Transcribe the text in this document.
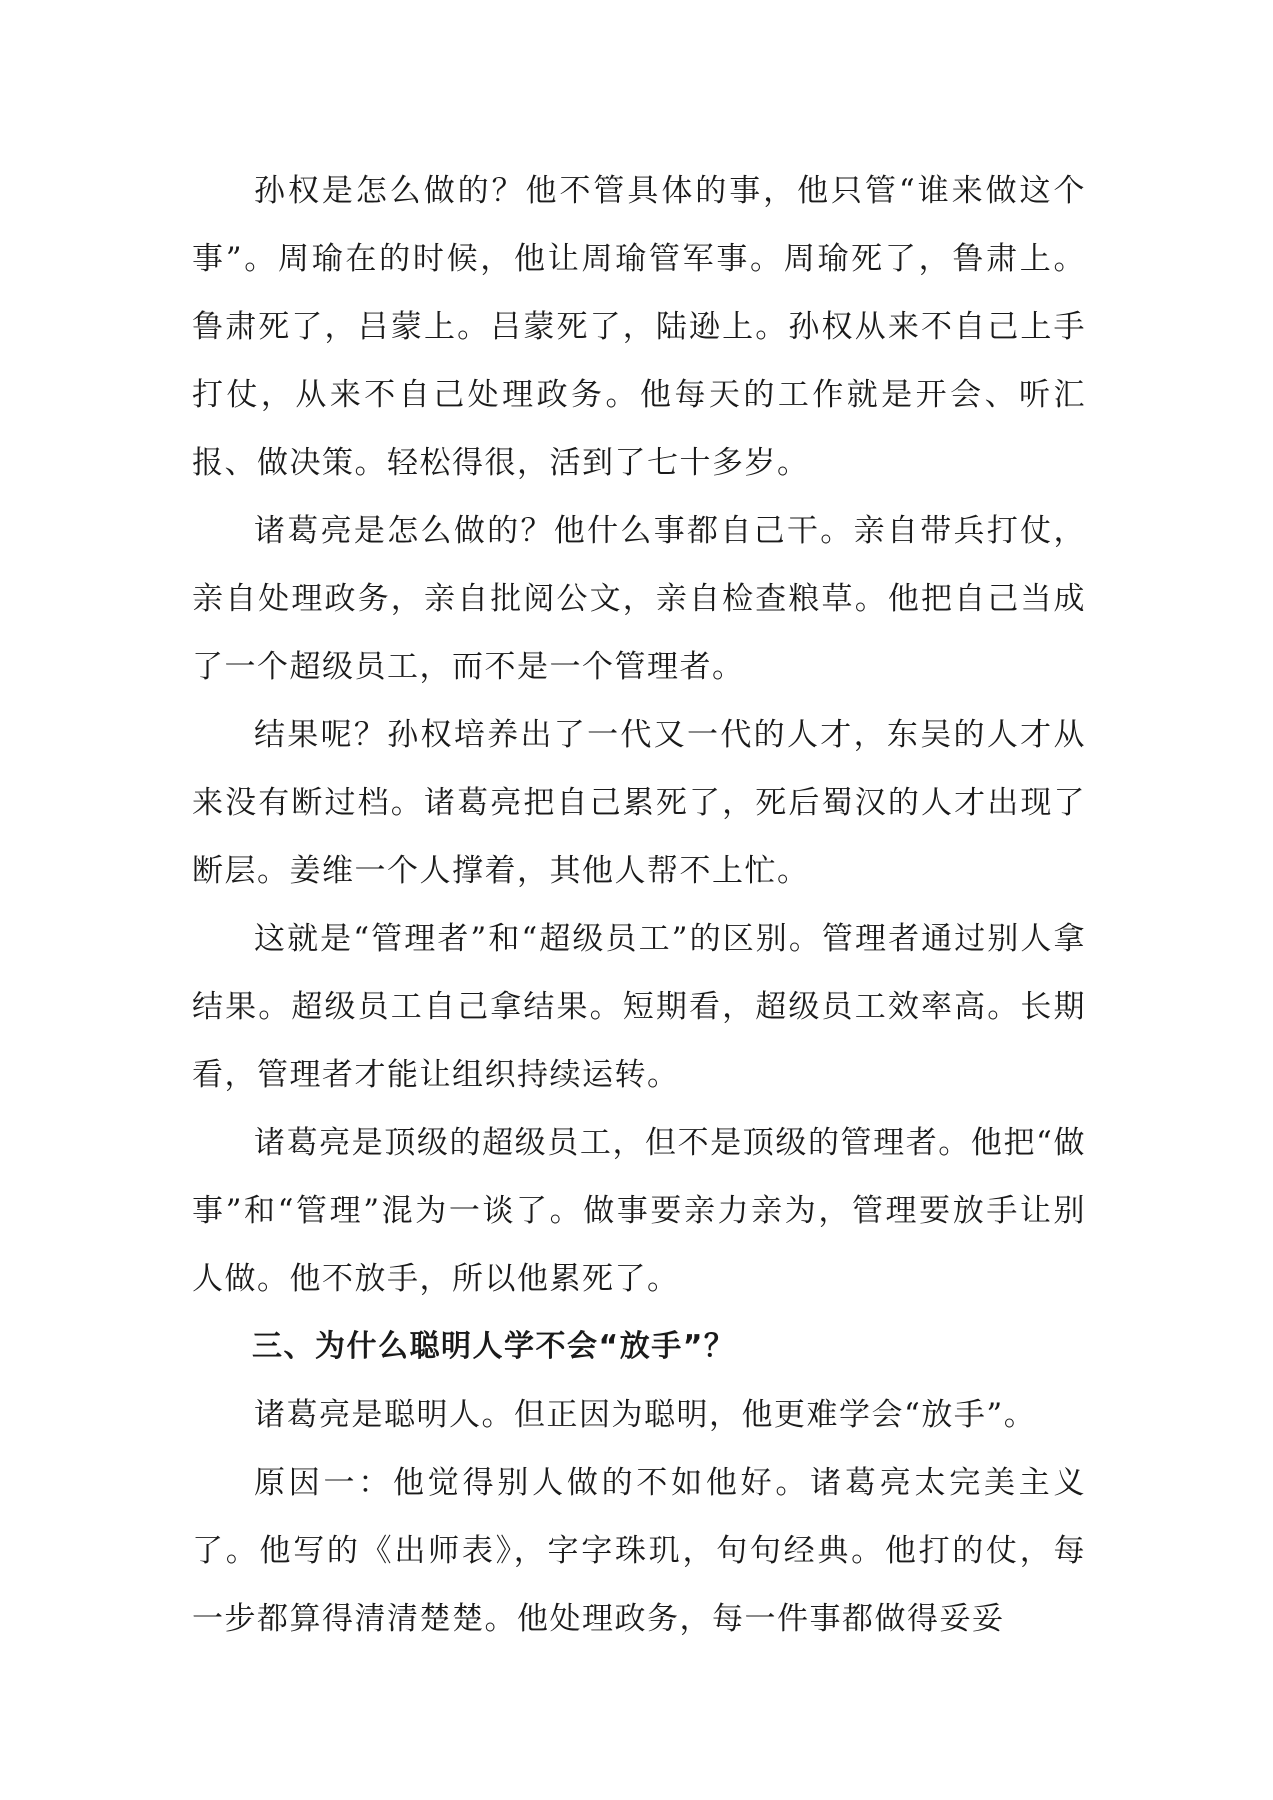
孙权是怎么做的？他不管具体的事，他只管“谁来做这个事”。周瑜在的时候，他让周瑜管军事。周瑜死了，鲁肃上。鲁肃死了，吕蒙上。吕蒙死了，陆逊上。孙权从来不自己上手打仗，从来不自己处理政务。他每天的工作就是开会、听汇报、做决策。轻松得很，活到了七十多岁。

诸葛亮是怎么做的？他什么事都自己干。亲自带兵打仗，亲自处理政务，亲自批阅公文，亲自检查粮草。他把自己当成了一个超级员工，而不是一个管理者。

结果呢？孙权培养出了一代又一代的人才，东吴的人才从来没有断过档。诸葛亮把自己累死了，死后蜀汉的人才出现了断层。姜维一个人撑着，其他人帮不上忙。

这就是“管理者”和“超级员工”的区别。管理者通过别人拿结果。超级员工自己拿结果。短期看，超级员工效率高。长期看，管理者才能让组织持续运转。

诸葛亮是顶级的超级员工，但不是顶级的管理者。他把“做事”和“管理”混为一谈了。做事要亲力亲为，管理要放手让别人做。他不放手，所以他累死了。

三、为什么聪明人学不会“放手”？

诸葛亮是聪明人。但正因为聪明，他更难学会“放手”。

原因一：他觉得别人做的不如他好。诸葛亮太完美主义了。他写的《出师表》，字字珠玑，句句经典。他打的仗，每一步都算得清清楚楚。他处理政务，每一件事都做得妥妥
